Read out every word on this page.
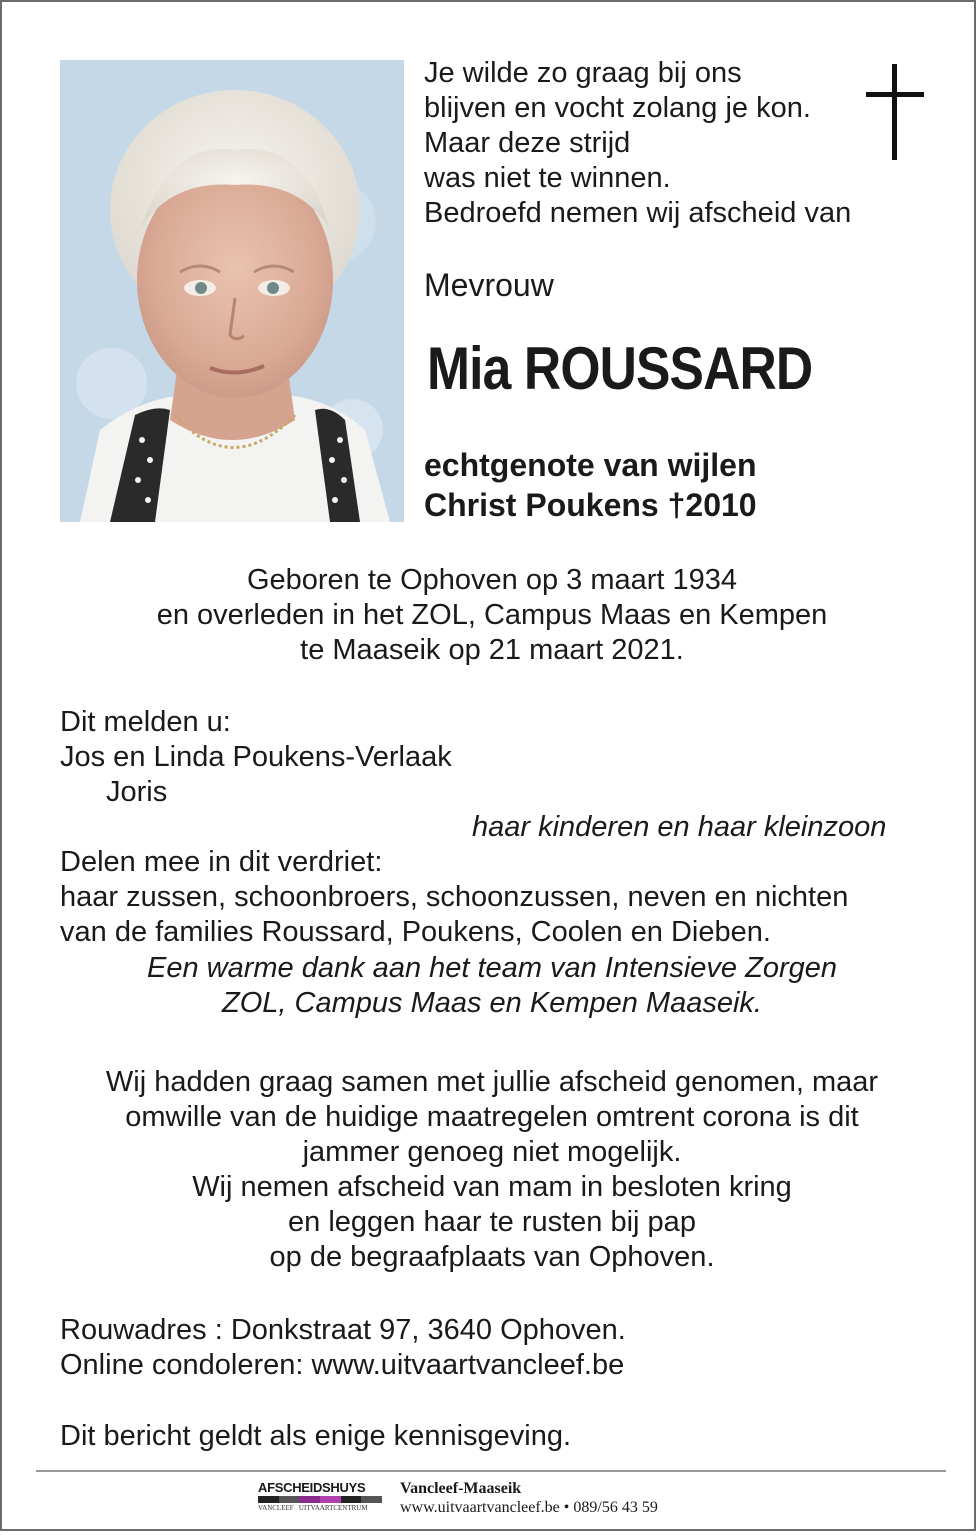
Je wilde zo graag bij ons
blijven en vocht zolang je kon.
Maar deze strijd
was niet te winnen.
Bedroefd nemen wij afscheid van
Mevrouw
Mia ROUSSARD
echtgenote van wijlen
Christ Poukens †2010
Geboren te Ophoven op 3 maart 1934
en overleden in het ZOL, Campus Maas en Kempen
te Maaseik op 21 maart 2021.
Dit melden u:
Jos en Linda Poukens-Verlaak
Joris
haar kinderen en haar kleinzoon
Delen mee in dit verdriet:
haar zussen, schoonbroers, schoonzussen, neven en nichten
van de families Roussard, Poukens, Coolen en Dieben.
Een warme dank aan het team van Intensieve Zorgen
ZOL, Campus Maas en Kempen Maaseik.
Wij hadden graag samen met jullie afscheid genomen, maar
omwille van de huidige maatregelen omtrent corona is dit
jammer genoeg niet mogelijk.
Wij nemen afscheid van mam in besloten kring
en leggen haar te rusten bij pap
op de begraafplaats van Ophoven.
Rouwadres : Donkstraat 97, 3640 Ophoven.
Online condoleren: www.uitvaartvancleef.be
Dit bericht geldt als enige kennisgeving.
AFSCHEIDSHUYS
VANCLEEF UITVAARTCENTRUM
Vancleef-Maaseik
www.uitvaartvancleef.be • 089/56 43 59
